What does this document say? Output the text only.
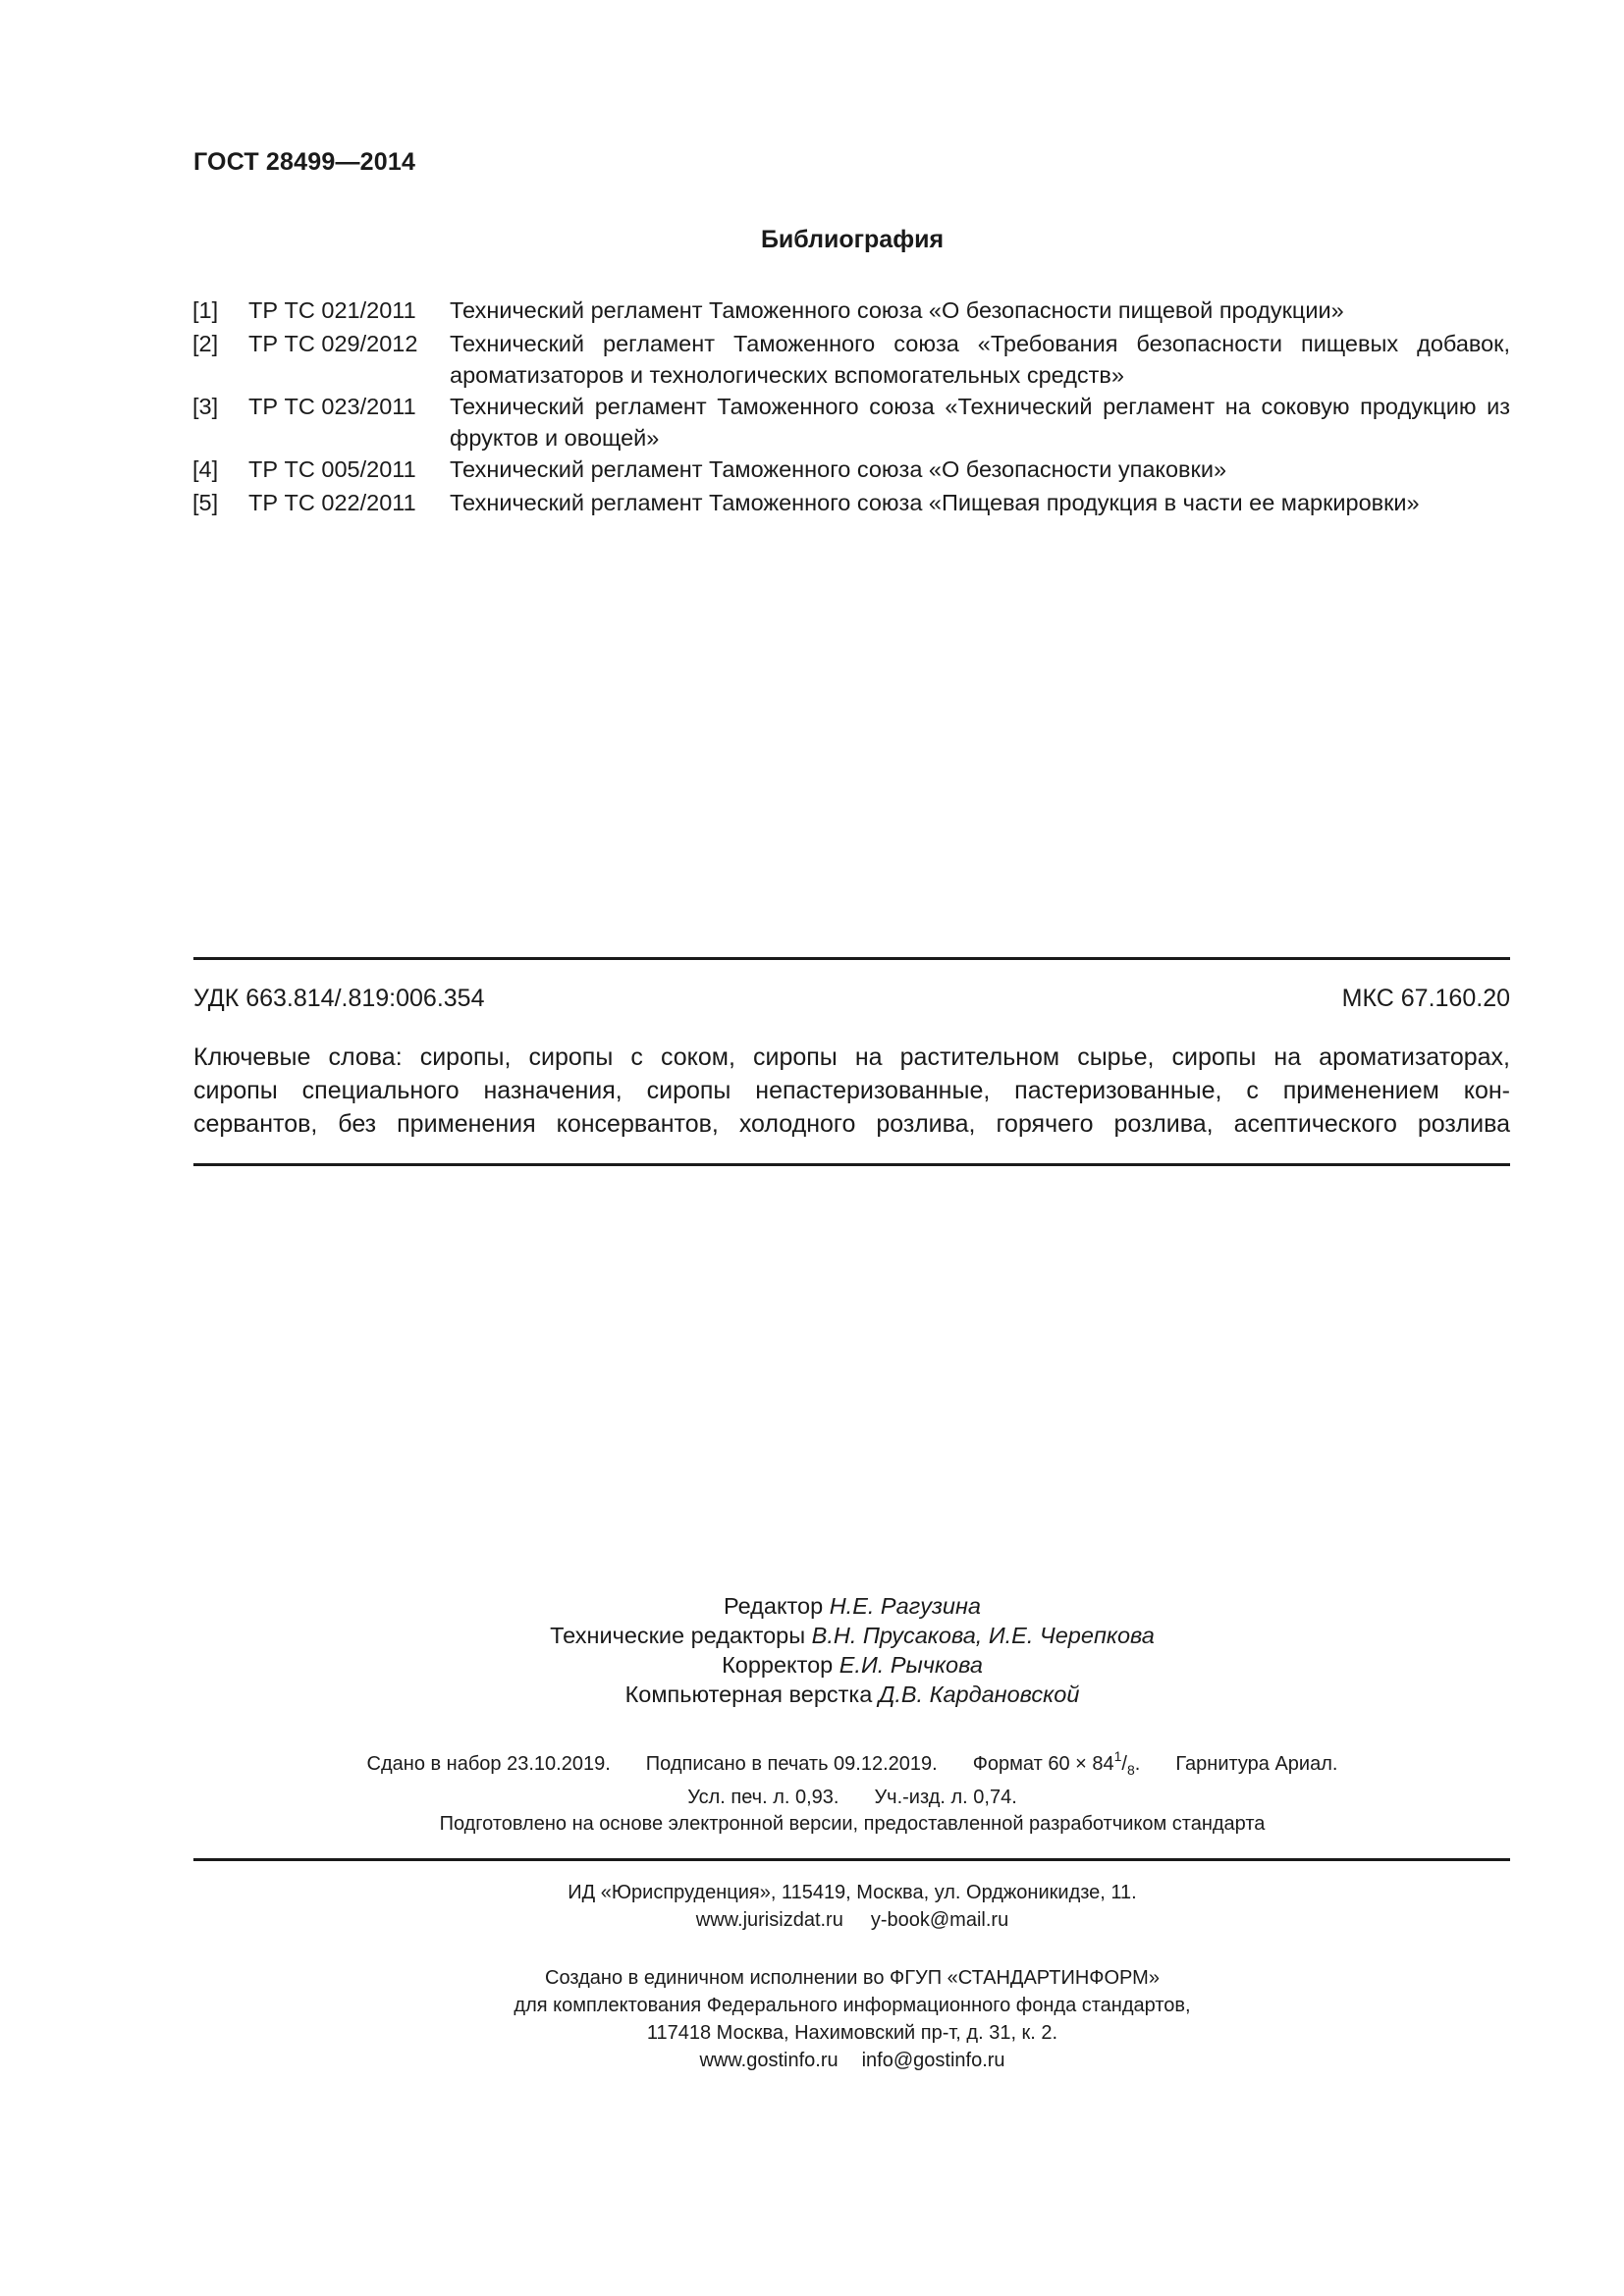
ГОСТ 28499—2014
Библиография
[1] ТР ТС 021/2011 Технический регламент Таможенного союза «О безопасности пищевой продукции»
[2] ТР ТС 029/2012 Технический регламент Таможенного союза «Требования безопасности пищевых добавок, ароматизаторов и технологических вспомогательных средств»
[3] ТР ТС 023/2011 Технический регламент Таможенного союза «Технический регламент на соковую продукцию из фруктов и овощей»
[4] ТР ТС 005/2011 Технический регламент Таможенного союза «О безопасности упаковки»
[5] ТР ТС 022/2011 Технический регламент Таможенного союза «Пищевая продукция в части ее маркировки»
УДК 663.814/.819:006.354	МКС 67.160.20
Ключевые слова: сиропы, сиропы с соком, сиропы на растительном сырье, сиропы на ароматизаторах,
сиропы специального назначения, сиропы непастеризованные, пастеризованные, с применением кон-
сервантов, без применения консервантов, холодного розлива, горячего розлива, асептического розлива
Редактор Н.Е. Рагузина
Технические редакторы В.Н. Прусакова, И.Е. Черепкова
Корректор Е.И. Рычкова
Компьютерная верстка Д.В. Кардановской
Сдано в набор 23.10.2019. Подписано в печать 09.12.2019. Формат $60 \times 84^1/_8$. Гарнитура Ариал.
Усл. печ. л. 0,93. Уч.-изд. л. 0,74.
Подготовлено на основе электронной версии, предоставленной разработчиком стандарта
ИД «Юриспруденция», 115419, Москва, ул. Орджоникидзе, 11.
www.jurisizdat.ru y-book@mail.ru
Создано в единичном исполнении во ФГУП «СТАНДАРТИНФОРМ»
для комплектования Федерального информационного фонда стандартов,
117418 Москва, Нахимовский пр-т, д. 31, к. 2.
www.gostinfo.ru info@gostinfo.ru
